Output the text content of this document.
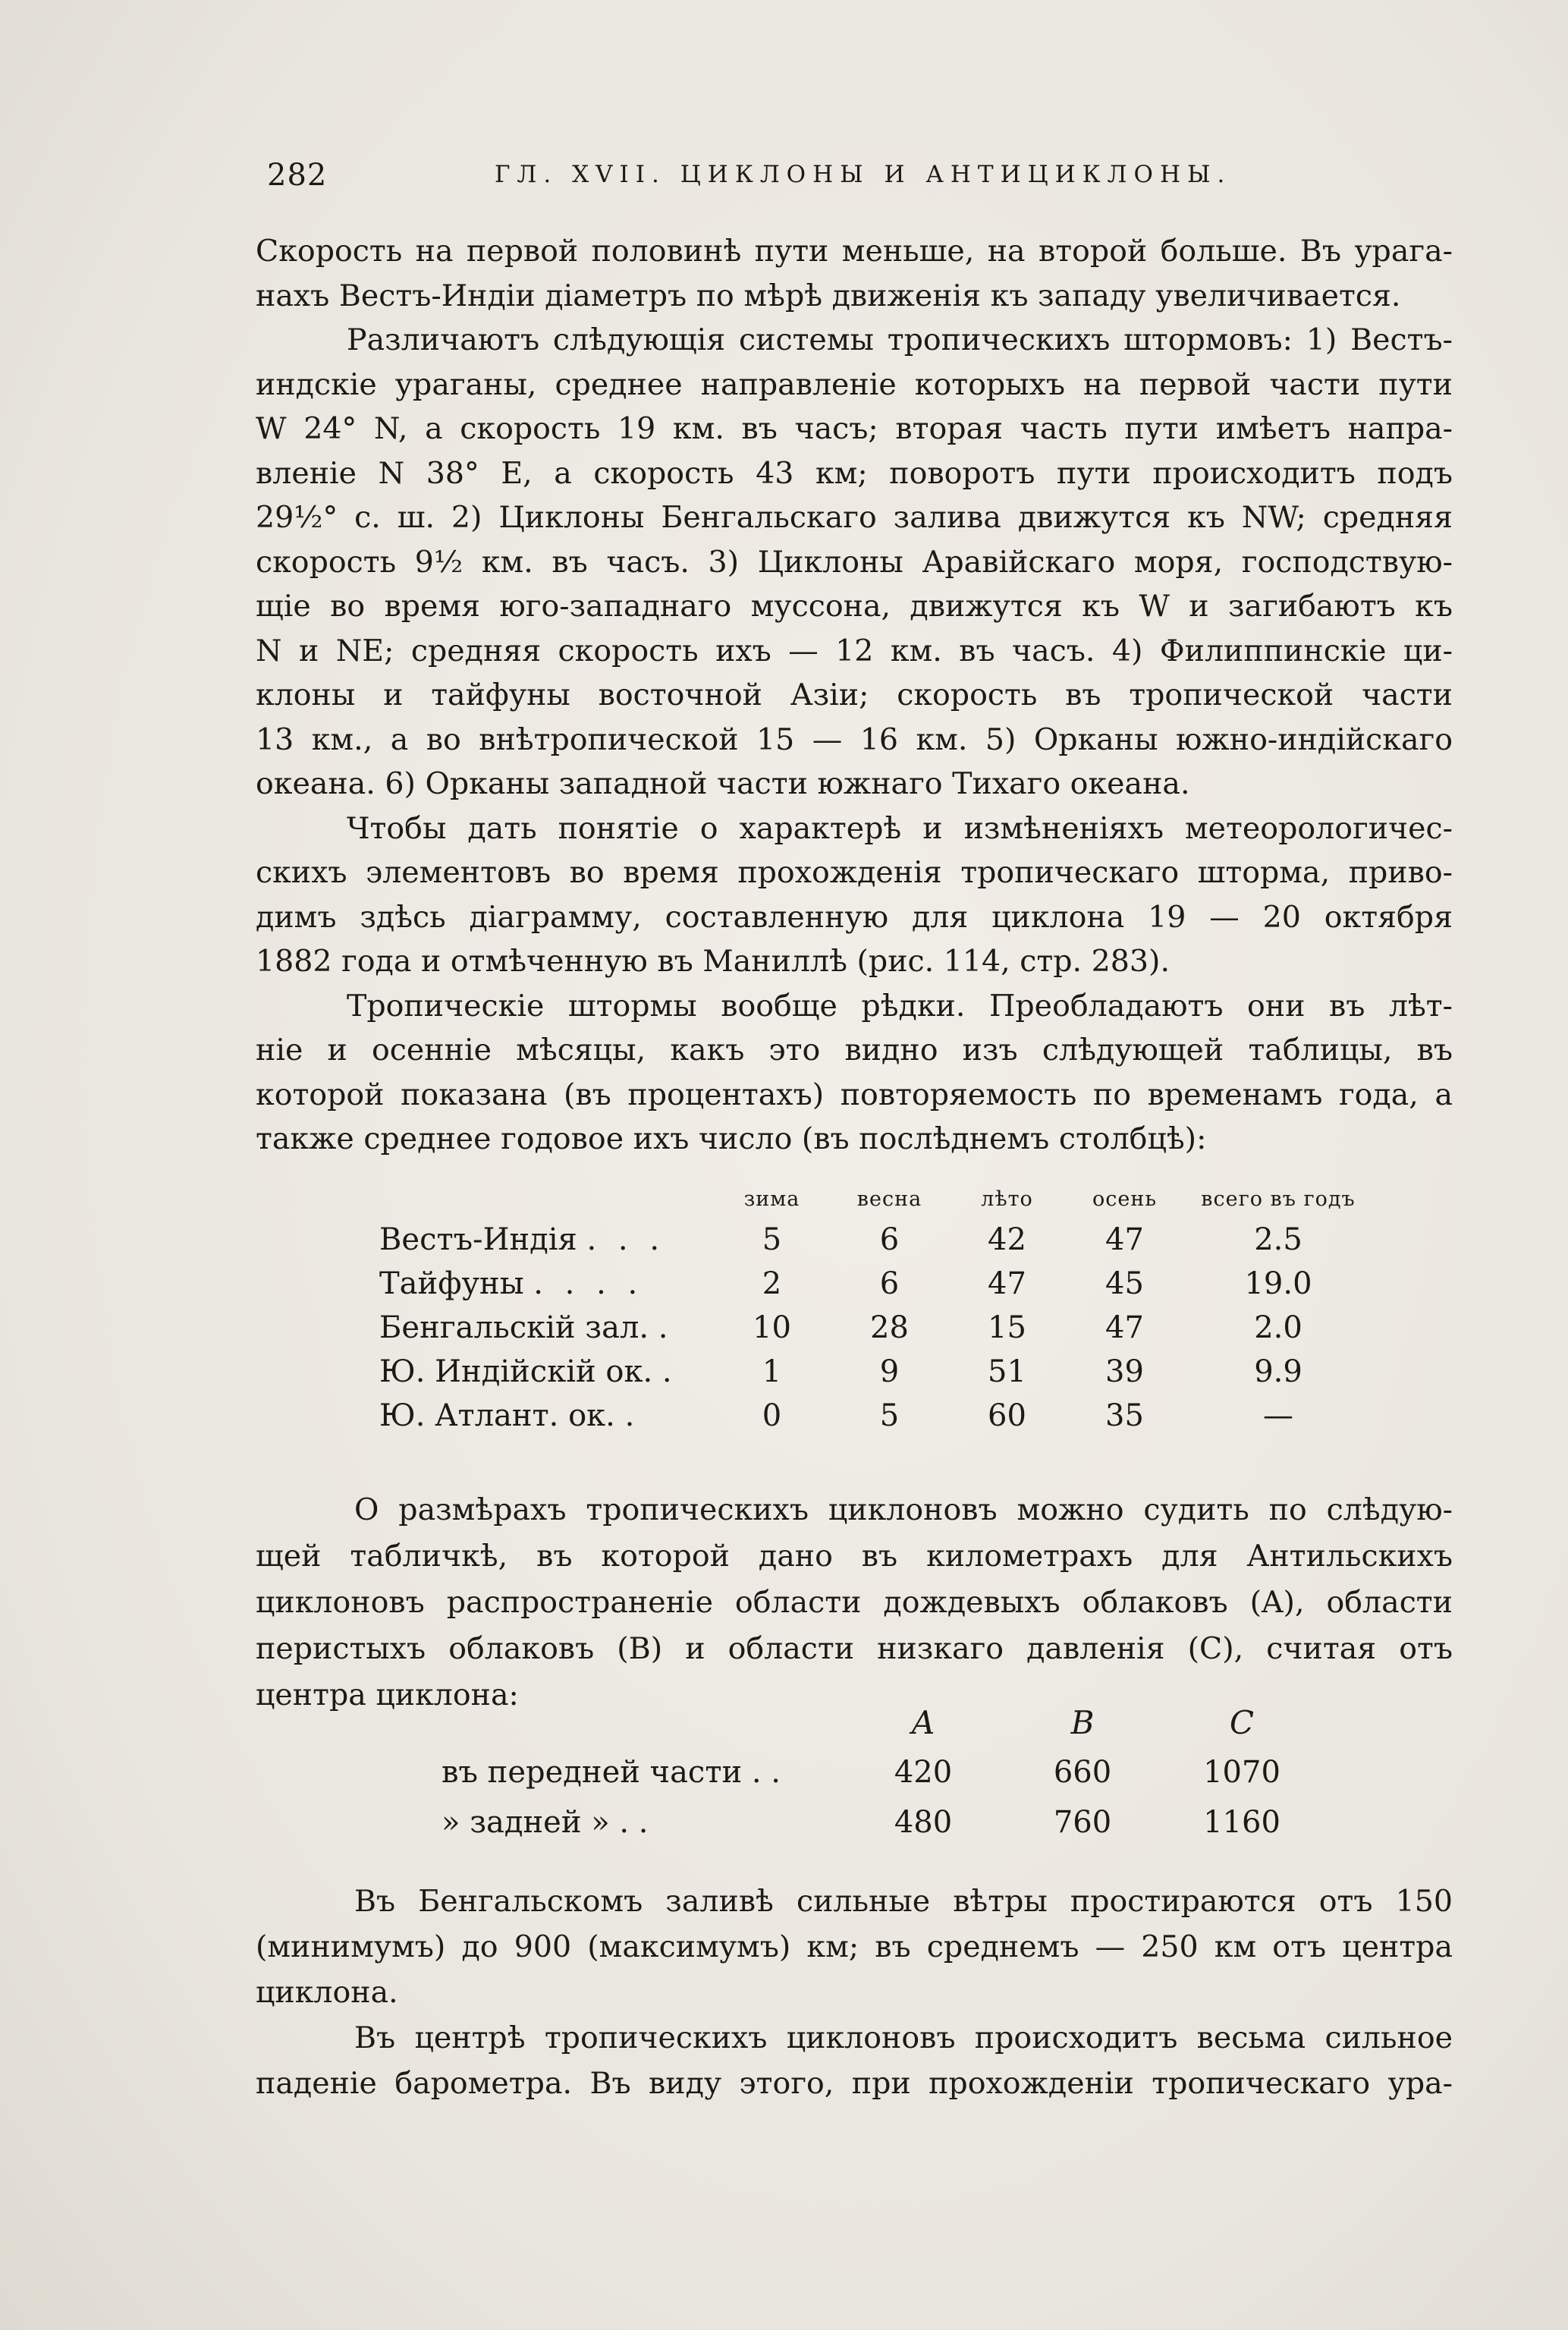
282	ГЛ. XVII. ЦИКЛОНЫ И АНТИЦИКЛОНЫ.
Скорость на первой половинѣ пути меньше, на второй больше. Въ урага-
нахъ Вестъ-Индіи діаметръ по мѣрѣ движенія къ западу увеличивается.
Различаютъ слѣдующія системы тропическихъ штормовъ: 1) Вестъ-
индскіе ураганы, среднее направленіе которыхъ на первой части пути
W 24° N, а скорость 19 км. въ часъ; вторая часть пути имѣетъ напра-
вленіе N 38° E, а скорость 43 км; поворотъ пути происходитъ подъ
29½° с. ш. 2) Циклоны Бенгальскаго залива движутся къ NW; средняя
скорость 9½ км. въ часъ. 3) Циклоны Аравійскаго моря, господствую-
щіе во время юго-западнаго муссона, движутся къ W и загибаютъ къ
N и NE; средняя скорость ихъ — 12 км. въ часъ. 4) Филиппинскіе ци-
клоны и тайфуны восточной Азіи; скорость въ тропической части
13 км., а во внѣтропической 15 — 16 км. 5) Орканы южно-индійскаго
океана. 6) Орканы западной части южнаго Тихаго океана.
Чтобы дать понятіе о характерѣ и измѣненіяхъ метеорологичес-
скихъ элементовъ во время прохожденія тропическаго шторма, приво-
димъ здѣсь діаграмму, составленную для циклона 19 — 20 октября
1882 года и отмѣченную въ Маниллѣ (рис. 114, стр. 283).
Тропическіе штормы вообще рѣдки. Преобладаютъ они въ лѣт-
ніе и осенніе мѣсяцы, какъ это видно изъ слѣдующей таблицы, въ
которой показана (въ процентахъ) повторяемость по временамъ года, а
также среднее годовое ихъ число (въ послѣднемъ столбцѣ):
	зима	весна	лѣто	осень	всего въ годъ
Вестъ-Индія . . .	5	6	42	47	2.5
Тайфуны . . . .	2	6	47	45	19.0
Бенгальскій зал. .	10	28	15	47	2.0
Ю. Индійскій ок. .	1	9	51	39	9.9
Ю. Атлант. ок. .	0	5	60	35	—
О размѣрахъ тропическихъ циклоновъ можно судить по слѣдую-
щей табличкѣ, въ которой дано въ километрахъ для Антильскихъ
циклоновъ распространеніе области дождевыхъ облаковъ (A), области
перистыхъ облаковъ (B) и области низкаго давленія (C), считая отъ
центра циклона:
	A	B	C
въ передней части . .	420	660	1070
» задней » . .	480	760	1160
Въ Бенгальскомъ заливѣ сильные вѣтры простираются отъ 150
(минимумъ) до 900 (максимумъ) км; въ среднемъ — 250 км отъ центра
циклона.
Въ центрѣ тропическихъ циклоновъ происходитъ весьма сильное
паденіе барометра. Въ виду этого, при прохожденіи тропическаго ура-
